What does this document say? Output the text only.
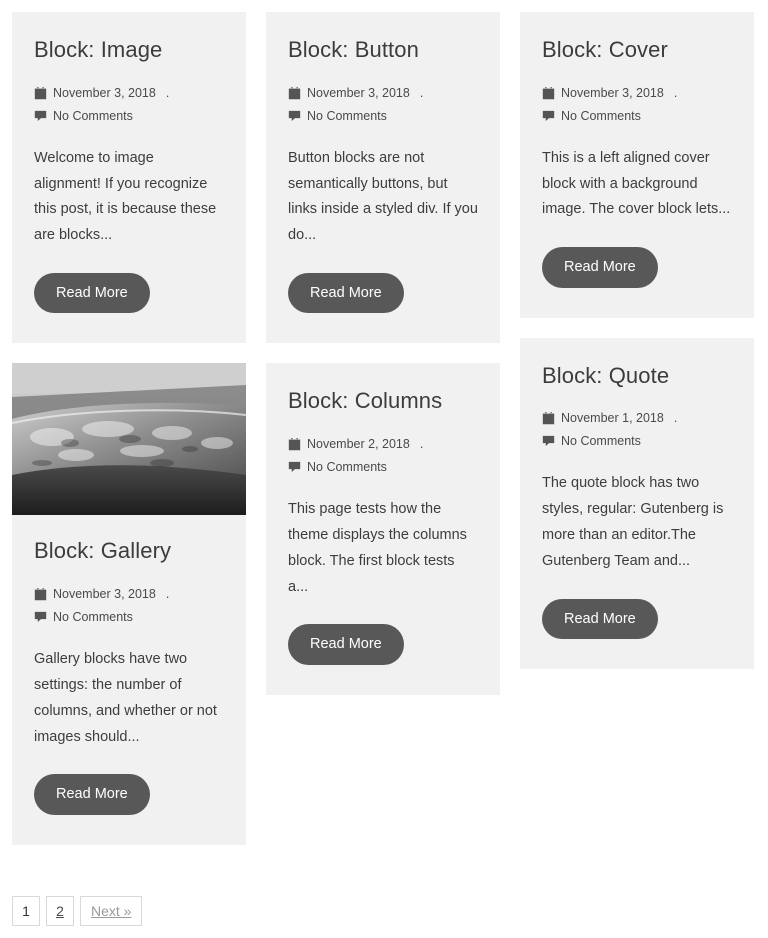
Block: Image
November 3, 2018 .
No Comments

Welcome to image alignment! If you recognize this post, it is because these are blocks...

Read More
Block: Gallery
November 3, 2018 .
No Comments

Gallery blocks have two settings: the number of columns, and whether or not images should...

Read More
Block: Button
November 3, 2018 .
No Comments

Button blocks are not semantically buttons, but links inside a styled div. If you do...

Read More
Block: Columns
November 2, 2018 .
No Comments

This page tests how the theme displays the columns block. The first block tests a...

Read More
Block: Cover
November 3, 2018 .
No Comments

This is a left aligned cover block with a background image. The cover block lets...

Read More
Block: Quote
November 1, 2018 .
No Comments

The quote block has two styles, regular: Gutenberg is more than an editor.The Gutenberg Team and...

Read More
1	2	Next »
